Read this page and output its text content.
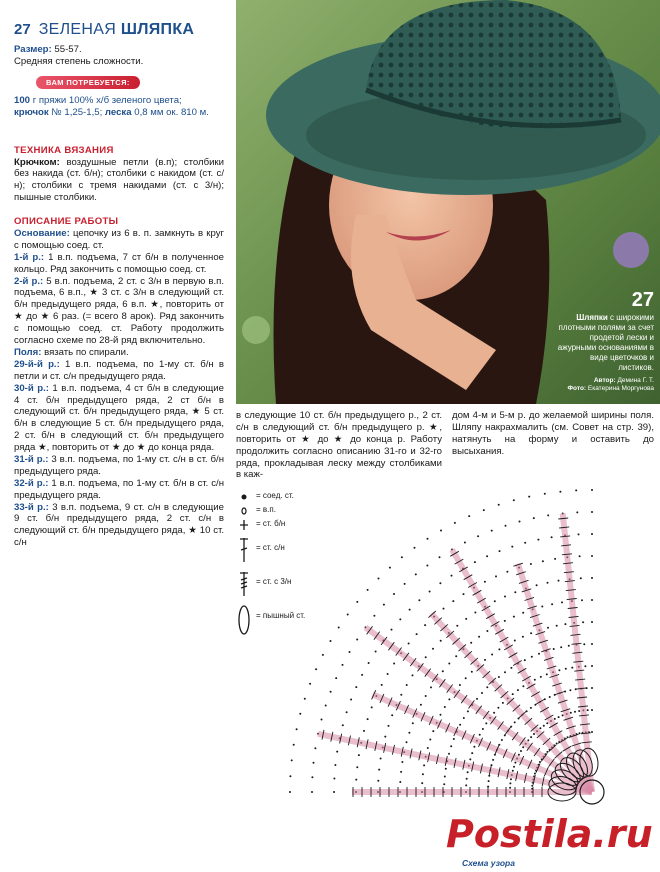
27 ЗЕЛЕНАЯ ШЛЯПКА
Размер: 55-57.
Средняя степень сложности.
ВАМ ПОТРЕБУЕТСЯ:
100 г пряжи 100% х/б зеленого цвета;
крючок № 1,25-1,5; леска 0,8 мм ок. 810 м.
ТЕХНИКА ВЯЗАНИЯ

Крючком: воздушные петли (в.п); столбики без накида (ст. б/н); столбики с накидом (ст. с/н); столбики с тремя накидами (ст. с 3/н); пышные столбики.

ОПИСАНИЕ РАБОТЫ

Основание: цепочку из 6 в. п. замкнуть в круг с помощью соед. ст.

1-й р.: 1 в.п. подъема, 7 ст б/н в полученное кольцо. Ряд закончить с помощью соед. ст.

2-й р.: 5 в.п. подъема, 2 ст. с 3/н в первую в.п. подъема, 6 в.п., ★ 3 ст. с 3/н в следующий ст. б/н предыдущего ряда, 6 в.п. ★, повторить от ★ до ★ 6 раз. (= всего 8 арок). Ряд закончить с помощью соед. ст. Работу продолжить согласно схеме по 28-й ряд включительно.

Поля: вязать по спирали.

29-й-й р.: 1 в.п. подъема, по 1-му ст. б/н в петли и ст. с/н предыдущего ряда.

30-й р.: 1 в.п. подъема, 4 ст б/н в следующие 4 ст. б/н предыдущего ряда, 2 ст б/н в следующий ст. б/н предыдущего ряда, ★ 5 ст. б/н в следующие 5 ст. б/н предыдущего ряда, 2 ст. б/н в следующий ст. б/н предыдущего ряда ★, повторить от ★ до ★ до конца ряда.

31-й р.: 3 в.п. подъема, по 1-му ст. с/н в ст. б/н предыдущего ряда.

32-й р.: 1 в.п. подъема, по 1-му ст. б/н в ст. с/н предыдущего ряда.

33-й р.: 3 в.п. подъема, 9 ст. с/н в следующие 9 ст. б/н предыдущего ряда, 2 ст. с/н в следующий ст. б/н предыдущего ряда, ★ 10 ст. с/н

27
Шляпки с широкими плотными полями за счет продетой лески и ажурными основаниями в виде цветочков и листиков.
Автор: Демина Г. Т.
Фото: Екатерина Моргунова

в следующие 10 ст. б/н предыдущего р., 2 ст. с/н в следующий ст. б/н предыдущего р. ★, повторить от ★ до ★ до конца р. Работу продолжить согласно описанию 31-го и 32-го ряда, прокладывая леску между столбиками в каж-

дом 4-м и 5-м р. до желаемой ширины поля. Шляпу накрахмалить (см. Совет на стр. 39), натянуть на форму и оставить до высыхания.

= соед. ст.
= в.п.
= ст. б/н
= ст. с/н
= ст. с 3/н
= пышный ст.
Схема узора
Postila.ru
